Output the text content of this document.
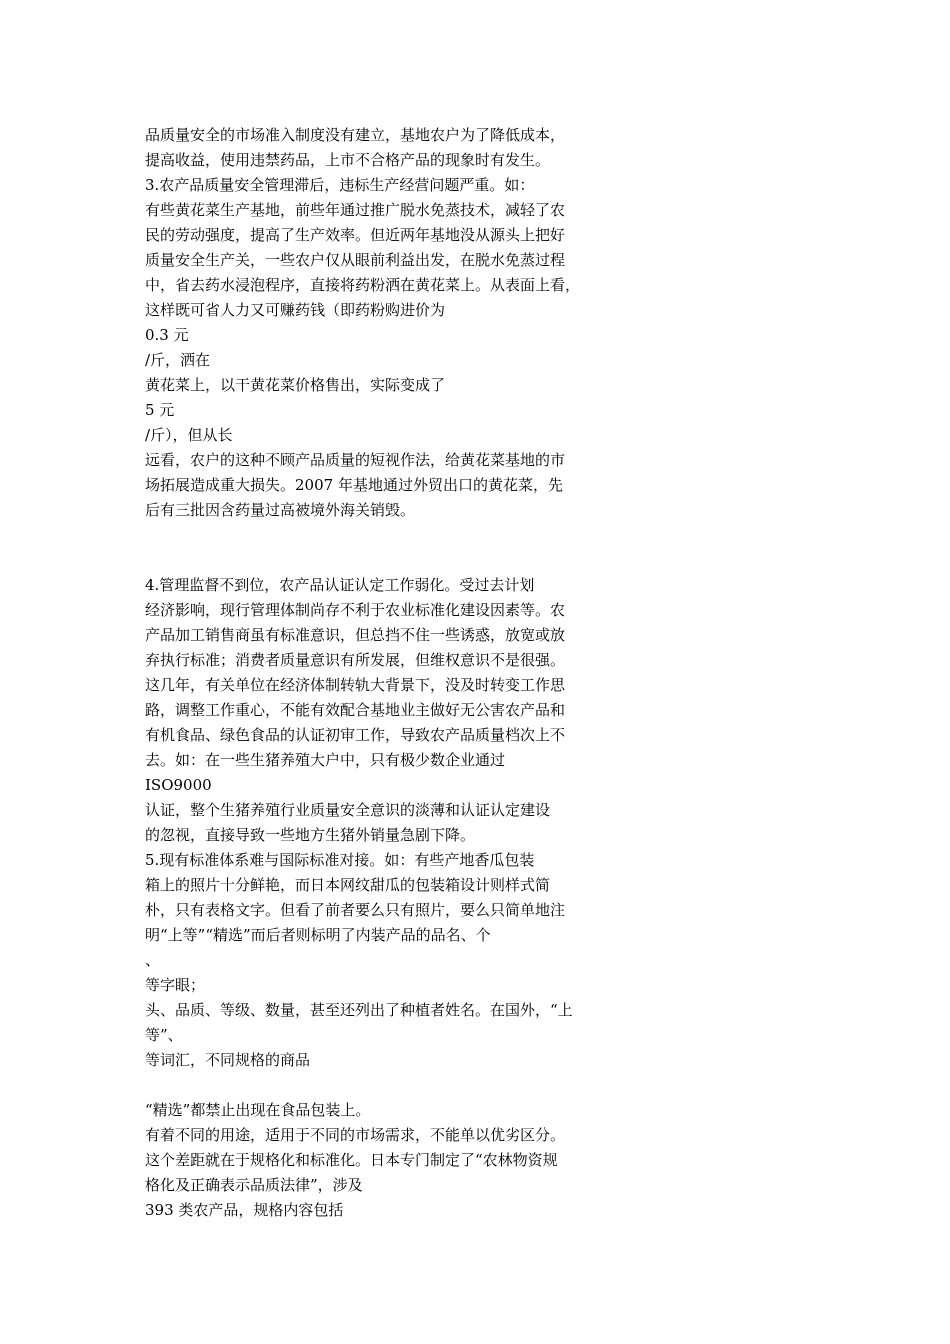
品质量安全的市场准入制度没有建立，基地农户为了降低成本，
提高收益，使用违禁药品，上市不合格产品的现象时有发生。
3.农产品质量安全管理滞后，违标生产经营问题严重。如：
有些黄花菜生产基地，前些年通过推广脱水免蒸技术，减轻了农
民的劳动强度，提高了生产效率。但近两年基地没从源头上把好
质量安全生产关，一些农户仅从眼前利益出发，在脱水免蒸过程
中，省去药水浸泡程序，直接将药粉洒在黄花菜上。从表面上看，
这样既可省人力又可赚药钱（即药粉购进价为
0.3 元
/斤，洒在
黄花菜上，以干黄花菜价格售出，实际变成了
5 元
/斤），但从长
远看，农户的这种不顾产品质量的短视作法，给黄花菜基地的市
场拓展造成重大损失。2007 年基地通过外贸出口的黄花菜，先
后有三批因含药量过高被境外海关销毁。
4.管理监督不到位，农产品认证认定工作弱化。受过去计划
经济影响，现行管理体制尚存不利于农业标准化建设因素等。农
产品加工销售商虽有标准意识，但总挡不住一些诱惑，放宽或放
弃执行标准；消费者质量意识有所发展，但维权意识不是很强。
这几年，有关单位在经济体制转轨大背景下，没及时转变工作思
路，调整工作重心，不能有效配合基地业主做好无公害农产品和
有机食品、绿色食品的认证初审工作，导致农产品质量档次上不
去。如：在一些生猪养殖大户中，只有极少数企业通过
ISO9000
认证，整个生猪养殖行业质量安全意识的淡薄和认证认定建设
的忽视，直接导致一些地方生猪外销量急剧下降。
5.现有标准体系难与国际标准对接。如：有些产地香瓜包装
箱上的照片十分鲜艳，而日本网纹甜瓜的包装箱设计则样式简
朴，只有表格文字。但看了前者要么只有照片，要么只简单地注
明“上等”“精选”而后者则标明了内装产品的品名、个
、
等字眼；
头、品质、等级、数量，甚至还列出了种植者姓名。在国外，“上
等”、
等词汇，不同规格的商品
“精选”都禁止出现在食品包装上。
有着不同的用途，适用于不同的市场需求，不能单以优劣区分。
这个差距就在于规格化和标准化。日本专门制定了“农林物资规
格化及正确表示品质法律”，涉及
393 类农产品，规格内容包括
